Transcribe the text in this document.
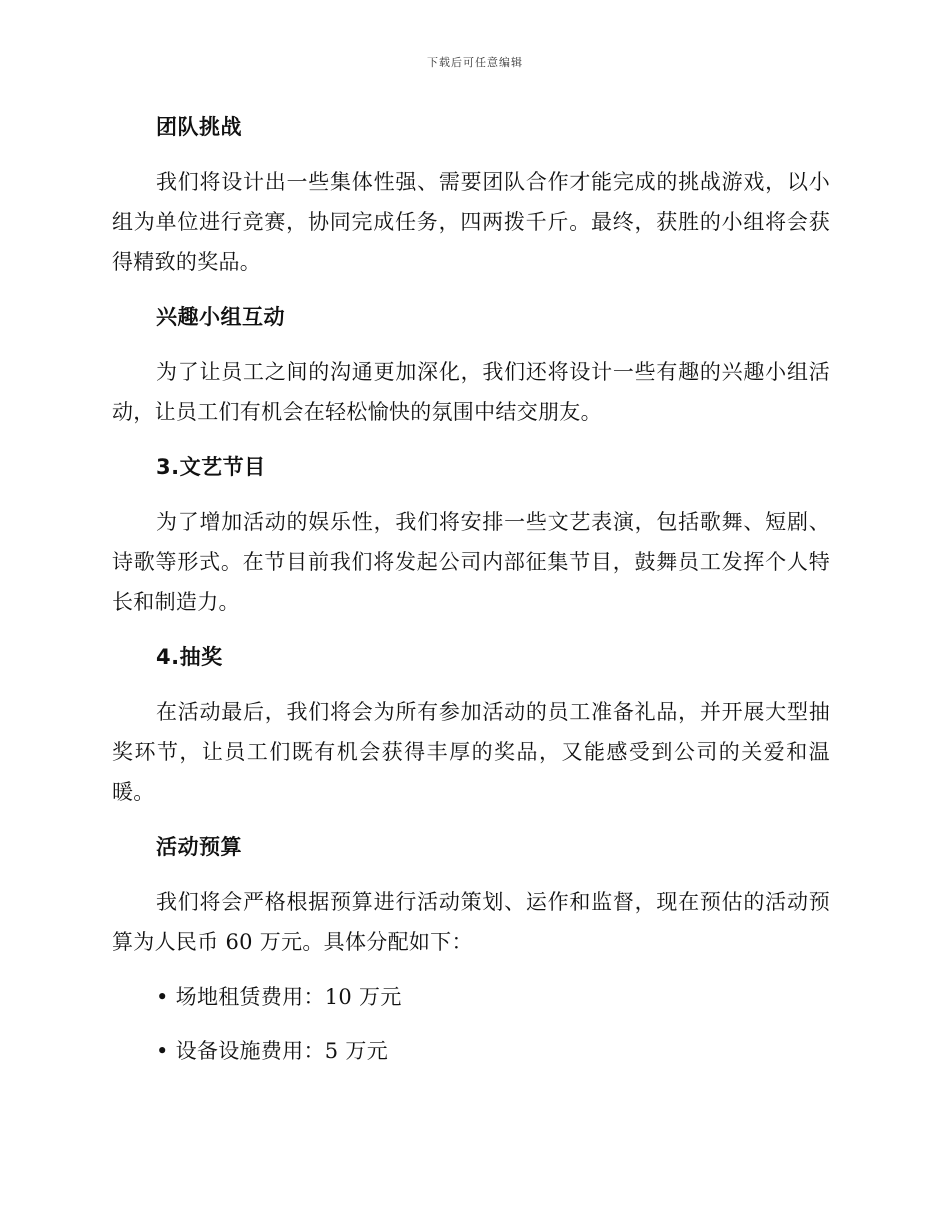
下载后可任意编辑

团队挑战

我们将设计出一些集体性强、需要团队合作才能完成的挑战游戏，以小组为单位进行竞赛，协同完成任务，四两拨千斤。最终，获胜的小组将会获得精致的奖品。

兴趣小组互动

为了让员工之间的沟通更加深化，我们还将设计一些有趣的兴趣小组活动，让员工们有机会在轻松愉快的氛围中结交朋友。

3.文艺节目

为了增加活动的娱乐性，我们将安排一些文艺表演，包括歌舞、短剧、诗歌等形式。在节目前我们将发起公司内部征集节目，鼓舞员工发挥个人特长和制造力。

4.抽奖

在活动最后，我们将会为所有参加活动的员工准备礼品，并开展大型抽奖环节，让员工们既有机会获得丰厚的奖品，又能感受到公司的关爱和温暖。

活动预算

我们将会严格根据预算进行活动策划、运作和监督，现在预估的活动预算为人民币 60 万元。具体分配如下：

• 场地租赁费用：10 万元

• 设备设施费用：5 万元
